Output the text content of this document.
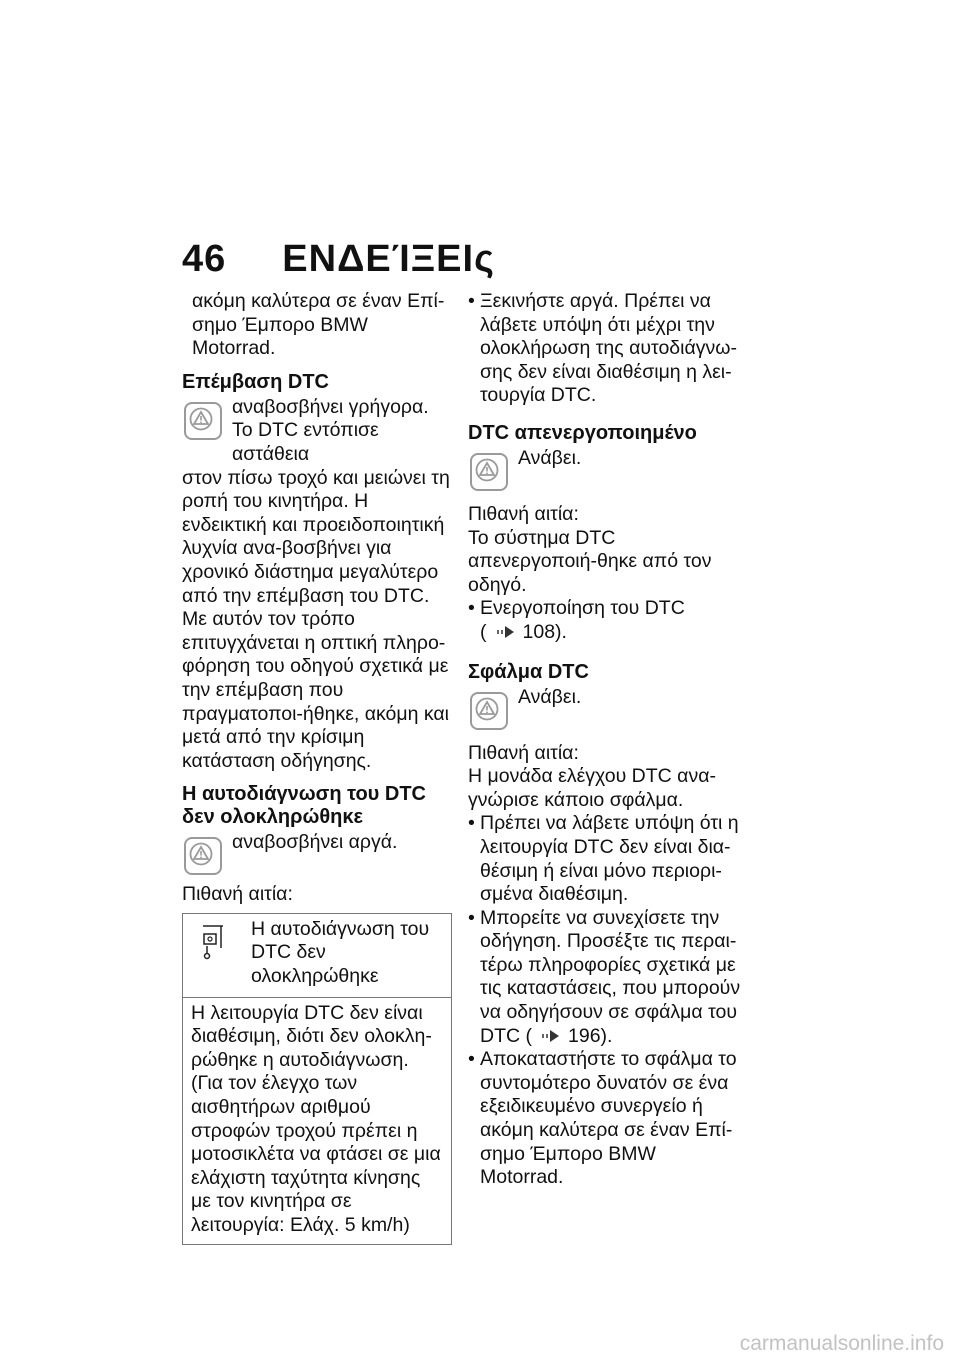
46 ΕΝΔΕΊΞΕΙς

ακόμη καλύτερα σε έναν Επί-σημο Έμπορο BMW Motorrad.

Επέμβαση DTC
αναβοσβήνει γρήγορα.
Το DTC εντόπισε αστάθεια

στον πίσω τροχό και μειώνει τη ροπή του κινητήρα. Η ενδεικτική και προειδοποιητική λυχνία ανα-βοσβήνει για χρονικό διάστημα μεγαλύτερο από την επέμβαση του DTC. Με αυτόν τον τρόπο επιτυγχάνεται η οπτική πληρο-φόρηση του οδηγού σχετικά με την επέμβαση που πραγματοποι-ήθηκε, ακόμη και μετά από την κρίσιμη κατάσταση οδήγησης.

Η αυτοδιάγνωση του DTC δεν ολοκληρώθηκε
αναβοσβήνει αργά.

Πιθανή αιτία:

Η αυτοδιάγνωση του DTC δεν ολοκληρώθηκε
Η λειτουργία DTC δεν είναι διαθέσιμη, διότι δεν ολοκλη-ρώθηκε η αυτοδιάγνωση. (Για τον έλεγχο των αισθητήρων αριθμού στροφών τροχού πρέπει η μοτοσικλέτα να φτάσει σε μια ελάχιστη ταχύτητα κίνησης με τον κινητήρα σε λειτουργία: Ελάχ. 5 km/h)
• Ξεκινήστε αργά. Πρέπει να λάβετε υπόψη ότι μέχρι την ολοκλήρωση της αυτοδιάγνω-σης δεν είναι διαθέσιμη η λει-τουργία DTC.
DTC απενεργοποιημένο
Ανάβει.

Πιθανή αιτία:

Το σύστημα DTC απενεργοποιή-θηκε από τον οδηγό.

• Ενεργοποίηση του DTC
( 108).
Σφάλμα DTC
Ανάβει.

Πιθανή αιτία:

Η μονάδα ελέγχου DTC ανα-γνώρισε κάποιο σφάλμα.

• Πρέπει να λάβετε υπόψη ότι η λειτουργία DTC δεν είναι δια-θέσιμη ή είναι μόνο περιορι-σμένα διαθέσιμη.
• Μπορείτε να συνεχίσετε την οδήγηση. Προσέξτε τις περαι-τέρω πληροφορίες σχετικά με τις καταστάσεις, που μπορούν να οδηγήσουν σε σφάλμα του
DTC ( 196).
• Αποκαταστήστε το σφάλμα το συντομότερο δυνατόν σε ένα εξειδικευμένο συνεργείο ή ακόμη καλύτερα σε έναν Επί-σημο Έμπορο BMW Motorrad.
carmanualsonline.info
